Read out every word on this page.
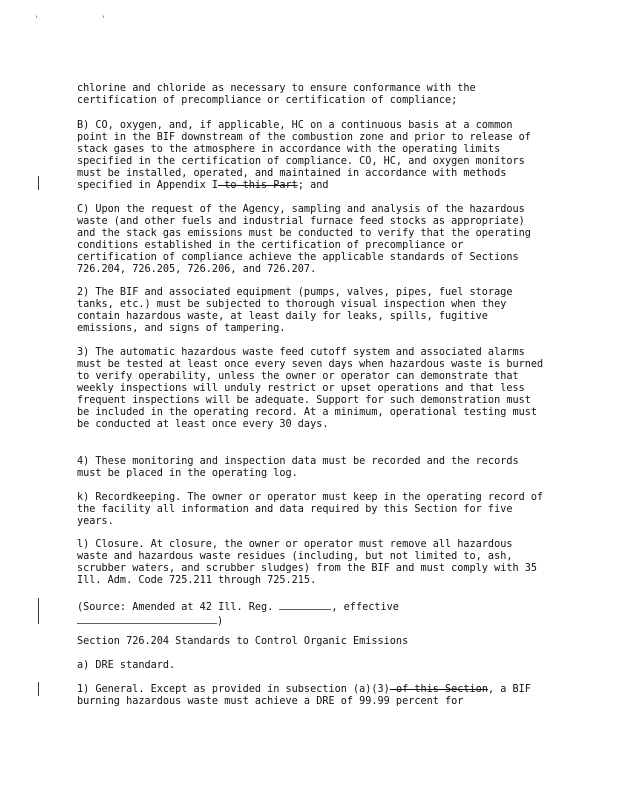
' '
chlorine and chloride as necessary to ensure conformance with the certification of precompliance or certification of compliance;
B) CO, oxygen, and, if applicable, HC on a continuous basis at a common point in the BIF downstream of the combustion zone and prior to release of stack gases to the atmosphere in accordance with the operating limits specified in the certification of compliance. CO, HC, and oxygen monitors must be installed, operated, and maintained in accordance with methods specified in Appendix I to this Part; and
C) Upon the request of the Agency, sampling and analysis of the hazardous waste (and other fuels and industrial furnace feed stocks as appropriate) and the stack gas emissions must be conducted to verify that the operating conditions established in the certification of precompliance or certification of compliance achieve the applicable standards of Sections 726.204, 726.205, 726.206, and 726.207.
2) The BIF and associated equipment (pumps, valves, pipes, fuel storage tanks, etc.) must be subjected to thorough visual inspection when they contain hazardous waste, at least daily for leaks, spills, fugitive emissions, and signs of tampering.
3) The automatic hazardous waste feed cutoff system and associated alarms must be tested at least once every seven days when hazardous waste is burned to verify operability, unless the owner or operator can demonstrate that weekly inspections will unduly restrict or upset operations and that less frequent inspections will be adequate. Support for such demonstration must be included in the operating record. At a minimum, operational testing must be conducted at least once every 30 days.
4) These monitoring and inspection data must be recorded and the records must be placed in the operating log.
k) Recordkeeping. The owner or operator must keep in the operating record of the facility all information and data required by this Section for five years.
l) Closure. At closure, the owner or operator must remove all hazardous waste and hazardous waste residues (including, but not limited to, ash, scrubber waters, and scrubber sludges) from the BIF and must comply with 35 Ill. Adm. Code 725.211 through 725.215.
(Source: Amended at 42 Ill. Reg.	, effective
)
Section 726.204 Standards to Control Organic Emissions
a) DRE standard.
1) General. Except as provided in subsection (a)(3) of this Section, a BIF burning hazardous waste must achieve a DRE of 99.99 percent for
